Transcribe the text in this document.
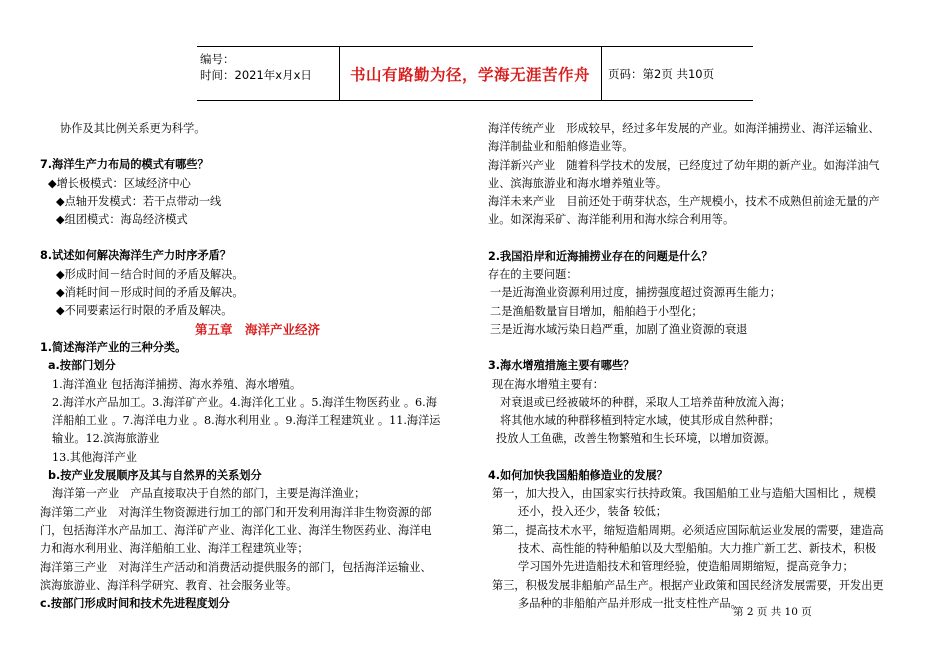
编号：
时间：2021年x月x日	书山有路勤为径，学海无涯苦作舟	页码：第2页 共10页

协作及其比例关系更为科学。

7.海洋生产力布局的模式有哪些？

◆增长极模式：区域经济中心

◆点轴开发模式：若干点带动一线

◆组团模式：海岛经济模式

8.试述如何解决海洋生产力时序矛盾？

◆形成时间－结合时间的矛盾及解决。

◆消耗时间－形成时间的矛盾及解决。

◆不同要素运行时限的矛盾及解决。

第五章　海洋产业经济

1.简述海洋产业的三种分类。

a.按部门划分

1.海洋渔业 包括海洋捕捞、海水养殖、海水增殖。

2.海洋水产品加工。3.海洋矿产业。4.海洋化工业 。5.海洋生物医药业 。6.海

洋船舶工业 。7.海洋电力业 。8.海水利用业 。9.海洋工程建筑业 。11.海洋运

输业。12.滨海旅游业

13.其他海洋产业

b.按产业发展顺序及其与自然界的关系划分

海洋第一产业　产品直接取决于自然的部门，主要是海洋渔业；

海洋第二产业　对海洋生物资源进行加工的部门和开发利用海洋非生物资源的部

门，包括海洋水产品加工、海洋矿产业、海洋化工业、海洋生物医药业、海洋电

力和海水利用业、海洋船舶工业、海洋工程建筑业等；

海洋第三产业　对海洋生产活动和消费活动提供服务的部门，包括海洋运输业、

滨海旅游业、海洋科学研究、教育、社会服务业等。

c.按部门形成时间和技术先进程度划分

海洋传统产业　形成较早，经过多年发展的产业。如海洋捕捞业、海洋运输业、

海洋制盐业和船舶修造业等。

海洋新兴产业　随着科学技术的发展，已经度过了幼年期的新产业。如海洋油气

业、滨海旅游业和海水增养殖业等。

海洋未来产业　目前还处于萌芽状态，生产规模小，技术不成熟但前途无量的产

业。如深海采矿、海洋能利用和海水综合利用等。

2.我国沿岸和近海捕捞业存在的问题是什么？

存在的主要问题：

一是近海渔业资源利用过度，捕捞强度超过资源再生能力；

二是渔船数量盲目增加，船舶趋于小型化；

三是近海水域污染日趋严重，加剧了渔业资源的衰退

3.海水增殖措施主要有哪些？

现在海水增殖主要有：

对衰退或已经被破坏的种群，采取人工培养苗种放流入海；

将其他水域的种群移植到特定水域，使其形成自然种群；

投放人工鱼礁，改善生物繁殖和生长环境，以增加资源。

4.如何加快我国船舶修造业的发展？

第一，加大投入，由国家实行扶持政策。我国船舶工业与造船大国相比 ，规模

还小，投入还少，装备 较低；

第二，提高技术水平，缩短造船周期。必须适应国际航运业发展的需要，建造高

技术、高性能的特种船舶以及大型船舶。大力推广新工艺、新技术，积极

学习国外先进造船技术和管理经验，使造船周期缩短，提高竞争力；

第三，积极发展非船舶产品生产。根据产业政策和国民经济发展需要，开发出更

多品种的非船舶产品并形成一批支柱性产品。

第 2 页 共 10 页
